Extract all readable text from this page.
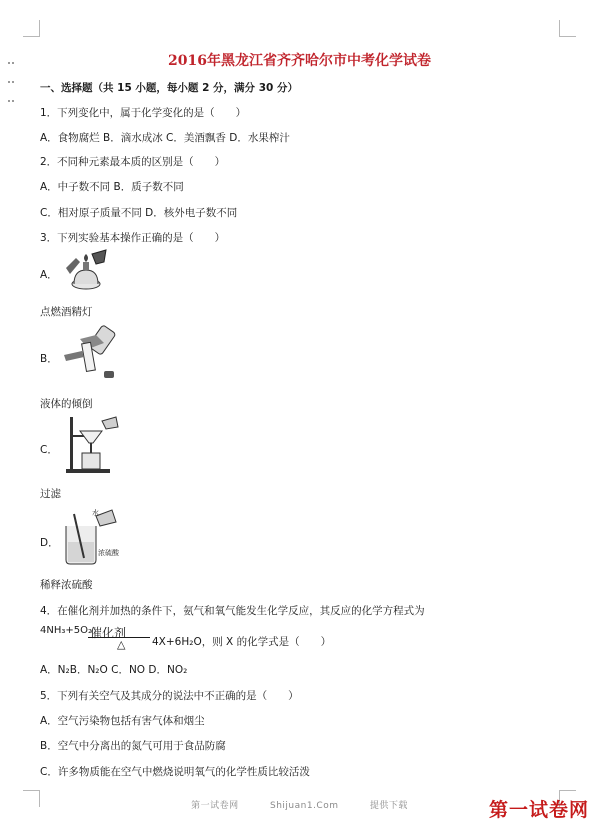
2016年黑龙江省齐齐哈尔市中考化学试卷
一、选择题（共 15 小题，每小题 2 分，满分 30 分）
1．下列变化中，属于化学变化的是（　　）
A．食物腐烂 B．滴水成冰 C．美酒飘香 D．水果榨汁
2．不同种元素最本质的区别是（　　）
A．中子数不同 B．质子数不同
C．相对原子质量不同 D．核外电子数不同
3．下列实验基本操作正确的是（　　）
A．
点燃酒精灯
B．
液体的倾倒
C．
过滤
D．
水
浓硫酸
稀释浓硫酸
4．在催化剂并加热的条件下，氨气和氧气能发生化学反应，其反应的化学方程式为
4NH₃+5O₂
催化剂
△	4X+6H₂O，则 X 的化学式是（　　）
A．N₂B．N₂O C．NO D．NO₂
5．下列有关空气及其成分的说法中不正确的是（　　）
A．空气污染物包括有害气体和烟尘
B．空气中分离出的氮气可用于食品防腐
C．许多物质能在空气中燃烧说明氧气的化学性质比较活泼
第一试卷网	Shijuan1.Com	提供下载	第一试卷网
